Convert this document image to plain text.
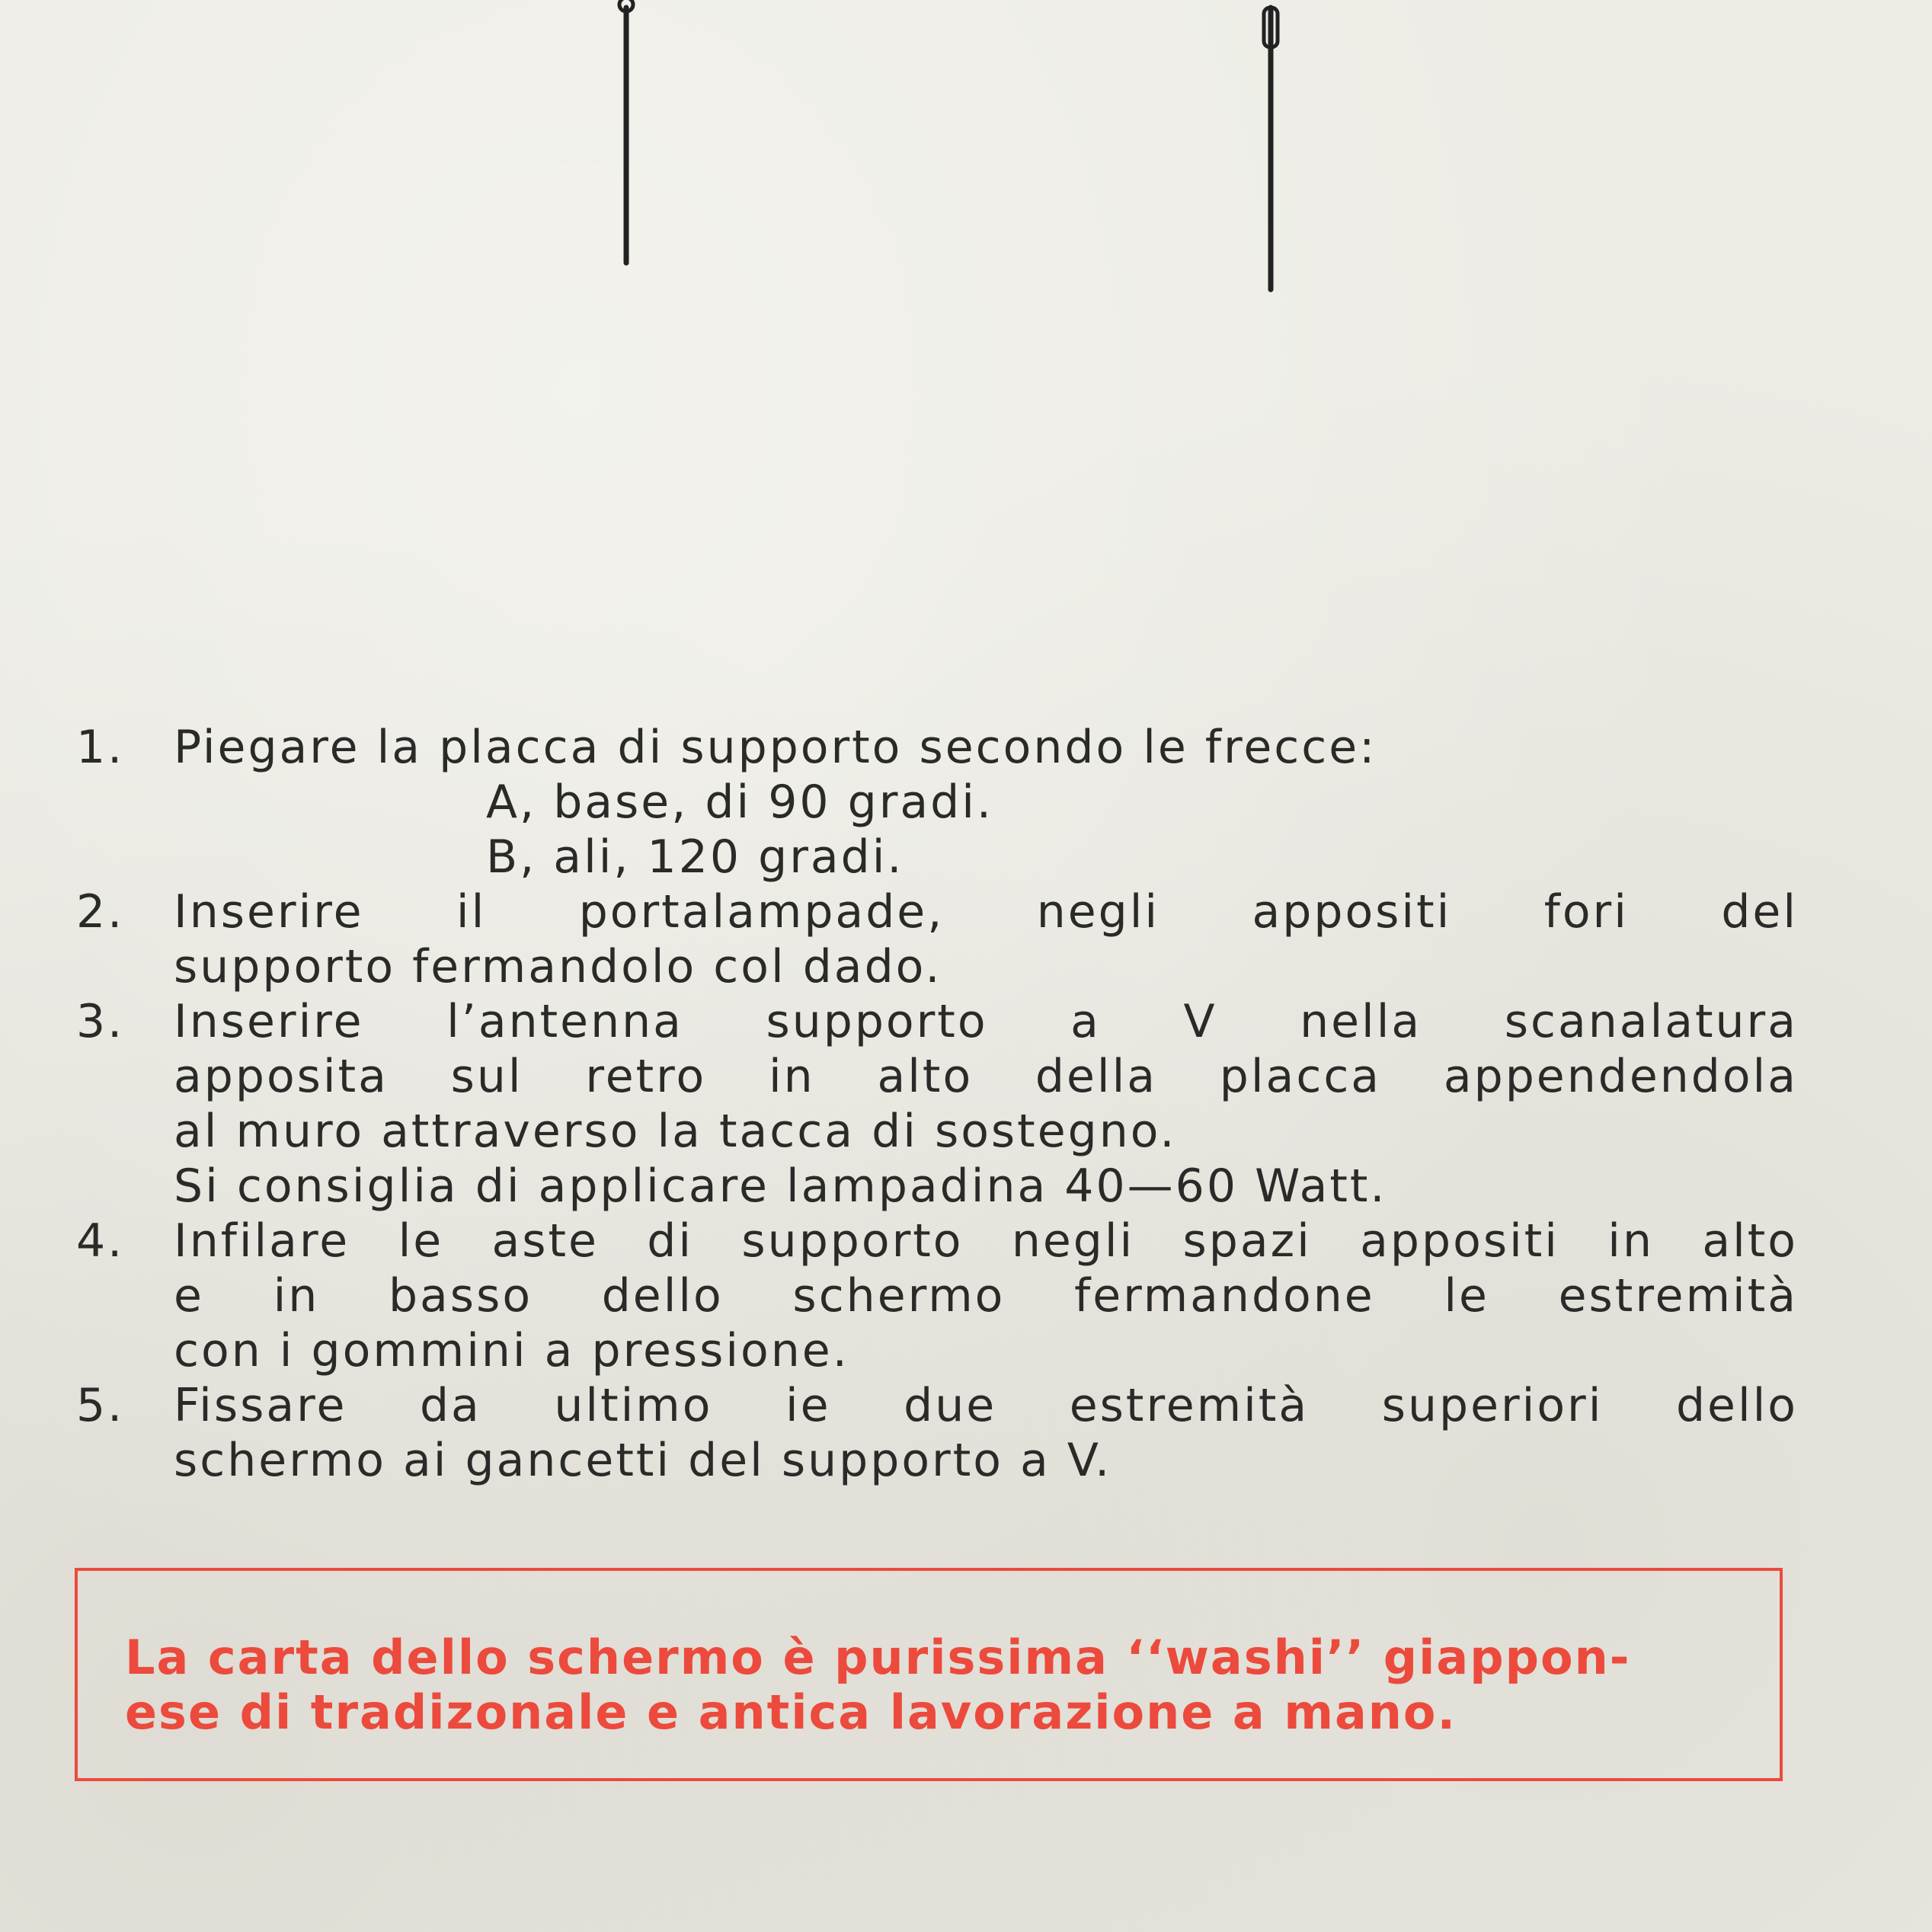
1.	Piegare la placca di supporto secondo le frecce:
A, base, di 90 gradi.
B, ali, 120 gradi.
2.	Inserire il portalampade, negli appositi fori del
supporto fermandolo col dado.
3.	Inserire l’antenna supporto a V nella scanalatura
apposita sul retro in alto della placca appendendola
al muro attraverso la tacca di sostegno.
Si consiglia di applicare lampadina 40—60 Watt.
4.	Infilare le aste di supporto negli spazi appositi in alto
e in basso dello schermo fermandone le estremità
con i gommini a pressione.
5.	Fissare da ultimo ie due estremità superiori dello
schermo ai gancetti del supporto a V.
La carta dello schermo è purissima ‘‘washi’’ giappon-
ese di tradizonale e antica lavorazione a mano.
